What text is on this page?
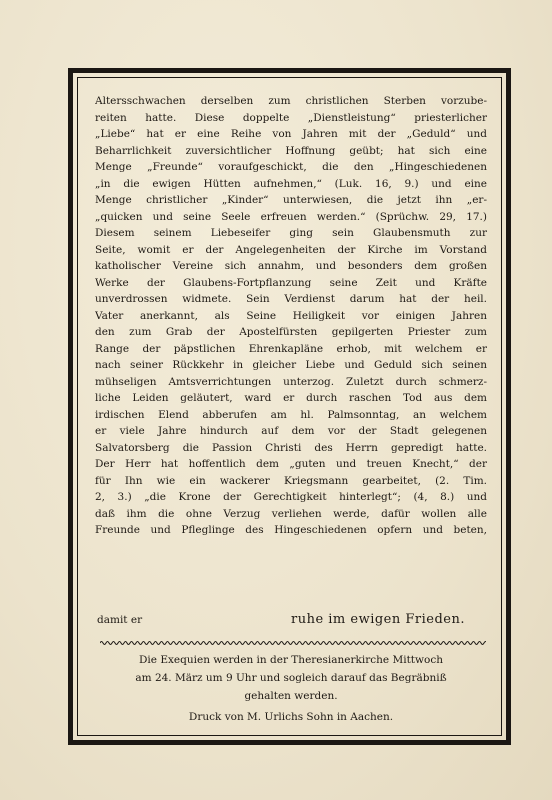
Altersschwachen derselben zum christlichen Sterben vorzube-
reiten hatte. Diese doppelte „Dienstleistung“ priesterlicher
„Liebe“ hat er eine Reihe von Jahren mit der „Geduld“ und
Beharrlichkeit zuversichtlicher Hoffnung geübt; hat sich eine
Menge „Freunde“ voraufgeschickt, die den „Hingeschiedenen
„in die ewigen Hütten aufnehmen,“ (Luk. 16, 9.) und eine
Menge christlicher „Kinder“ unterwiesen, die jetzt ihn „er-
„quicken und seine Seele erfreuen werden.“ (Sprüchw. 29, 17.)
Diesem seinem Liebeseifer ging sein Glaubensmuth zur
Seite, womit er der Angelegenheiten der Kirche im Vorstand
katholischer Vereine sich annahm, und besonders dem großen
Werke der Glaubens-Fortpflanzung seine Zeit und Kräfte
unverdrossen widmete. Sein Verdienst darum hat der heil.
Vater anerkannt, als Seine Heiligkeit vor einigen Jahren
den zum Grab der Apostelfürsten gepilgerten Priester zum
Range der päpstlichen Ehrenkapläne erhob, mit welchem er
nach seiner Rückkehr in gleicher Liebe und Geduld sich seinen
mühseligen Amtsverrichtungen unterzog. Zuletzt durch schmerz-
liche Leiden geläutert, ward er durch raschen Tod aus dem
irdischen Elend abberufen am hl. Palmsonntag, an welchem
er viele Jahre hindurch auf dem vor der Stadt gelegenen
Salvatorsberg die Passion Christi des Herrn gepredigt hatte.
Der Herr hat hoffentlich dem „guten und treuen Knecht,“ der
für Ihn wie ein wackerer Kriegsmann gearbeitet, (2. Tim.
2, 3.) „die Krone der Gerechtigkeit hinterlegt“; (4, 8.) und
daß ihm die ohne Verzug verliehen werde, dafür wollen alle
Freunde und Pfleglinge des Hingeschiedenen opfern und beten,
damit er	ruhe im ewigen Frieden.
Die Exequien werden in der Theresianerkirche Mittwoch
am 24. März um 9 Uhr und sogleich darauf das Begräbniß
gehalten werden.
Druck von M. Urlichs Sohn in Aachen.
